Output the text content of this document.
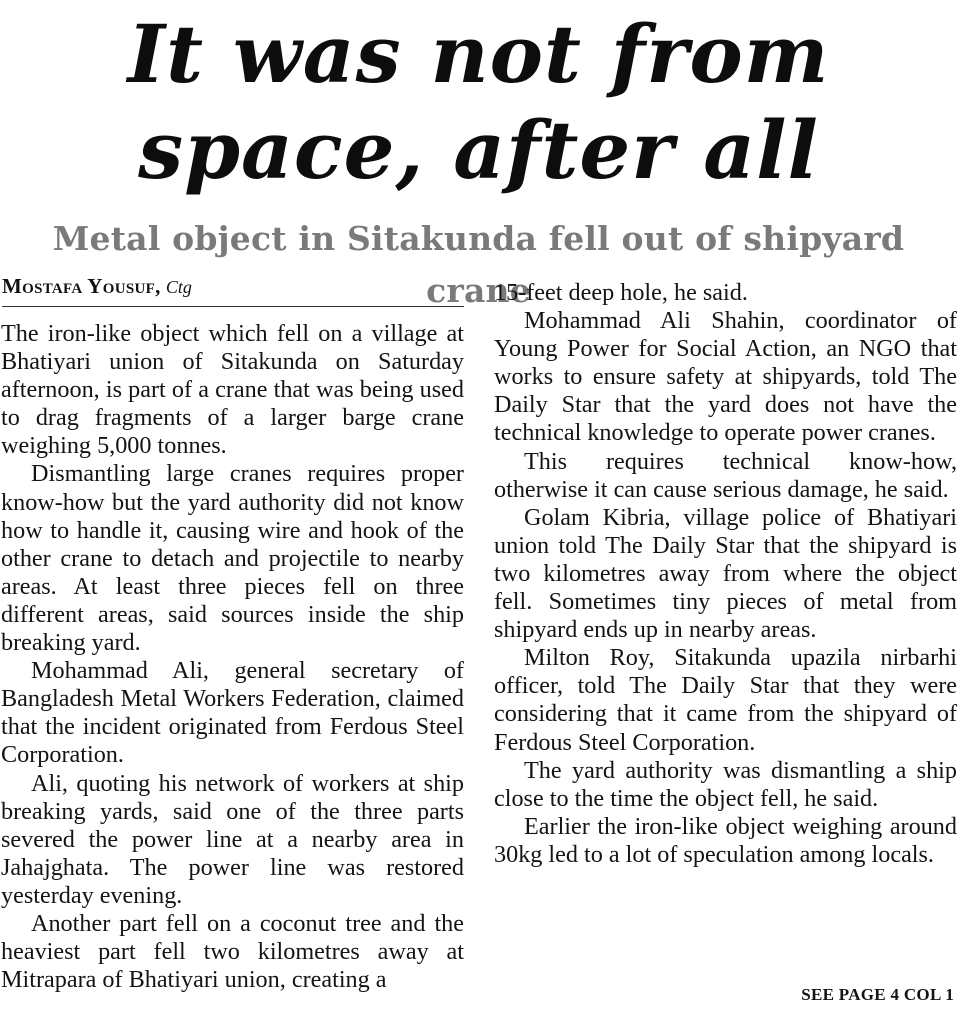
It was not from
space, after all
Metal object in Sitakunda fell out of shipyard crane
Mostafa Yousuf, Ctg

The iron-like object which fell on a village at Bhatiyari union of Sitakunda on Saturday afternoon, is part of a crane that was being used to drag fragments of a larger barge crane weighing 5,000 tonnes.

Dismantling large cranes requires proper know-how but the yard authority did not know how to handle it, causing wire and hook of the other crane to detach and projectile to nearby areas. At least three pieces fell on three different areas, said sources inside the ship breaking yard.

Mohammad Ali, general secretary of Bangladesh Metal Workers Federation, claimed that the incident originated from Ferdous Steel Corporation.

Ali, quoting his network of workers at ship breaking yards, said one of the three parts severed the power line at a nearby area in Jahajghata. The power line was restored yesterday evening.

Another part fell on a coconut tree and the heaviest part fell two kilometres away at Mitrapara of Bhatiyari union, creating a

15-feet deep hole, he said.

Mohammad Ali Shahin, coordinator of Young Power for Social Action, an NGO that works to ensure safety at shipyards, told The Daily Star that the yard does not have the technical knowledge to operate power cranes.

This requires technical know-how, otherwise it can cause serious damage, he said.

Golam Kibria, village police of Bhatiyari union told The Daily Star that the shipyard is two kilometres away from where the object fell. Sometimes tiny pieces of metal from shipyard ends up in nearby areas.

Milton Roy, Sitakunda upazila nirbarhi officer, told The Daily Star that they were considering that it came from the shipyard of Ferdous Steel Corporation.

The yard authority was dismantling a ship close to the time the object fell, he said.

Earlier the iron-like object weighing around 30kg led to a lot of speculation among locals.

SEE PAGE 4 COL 1
